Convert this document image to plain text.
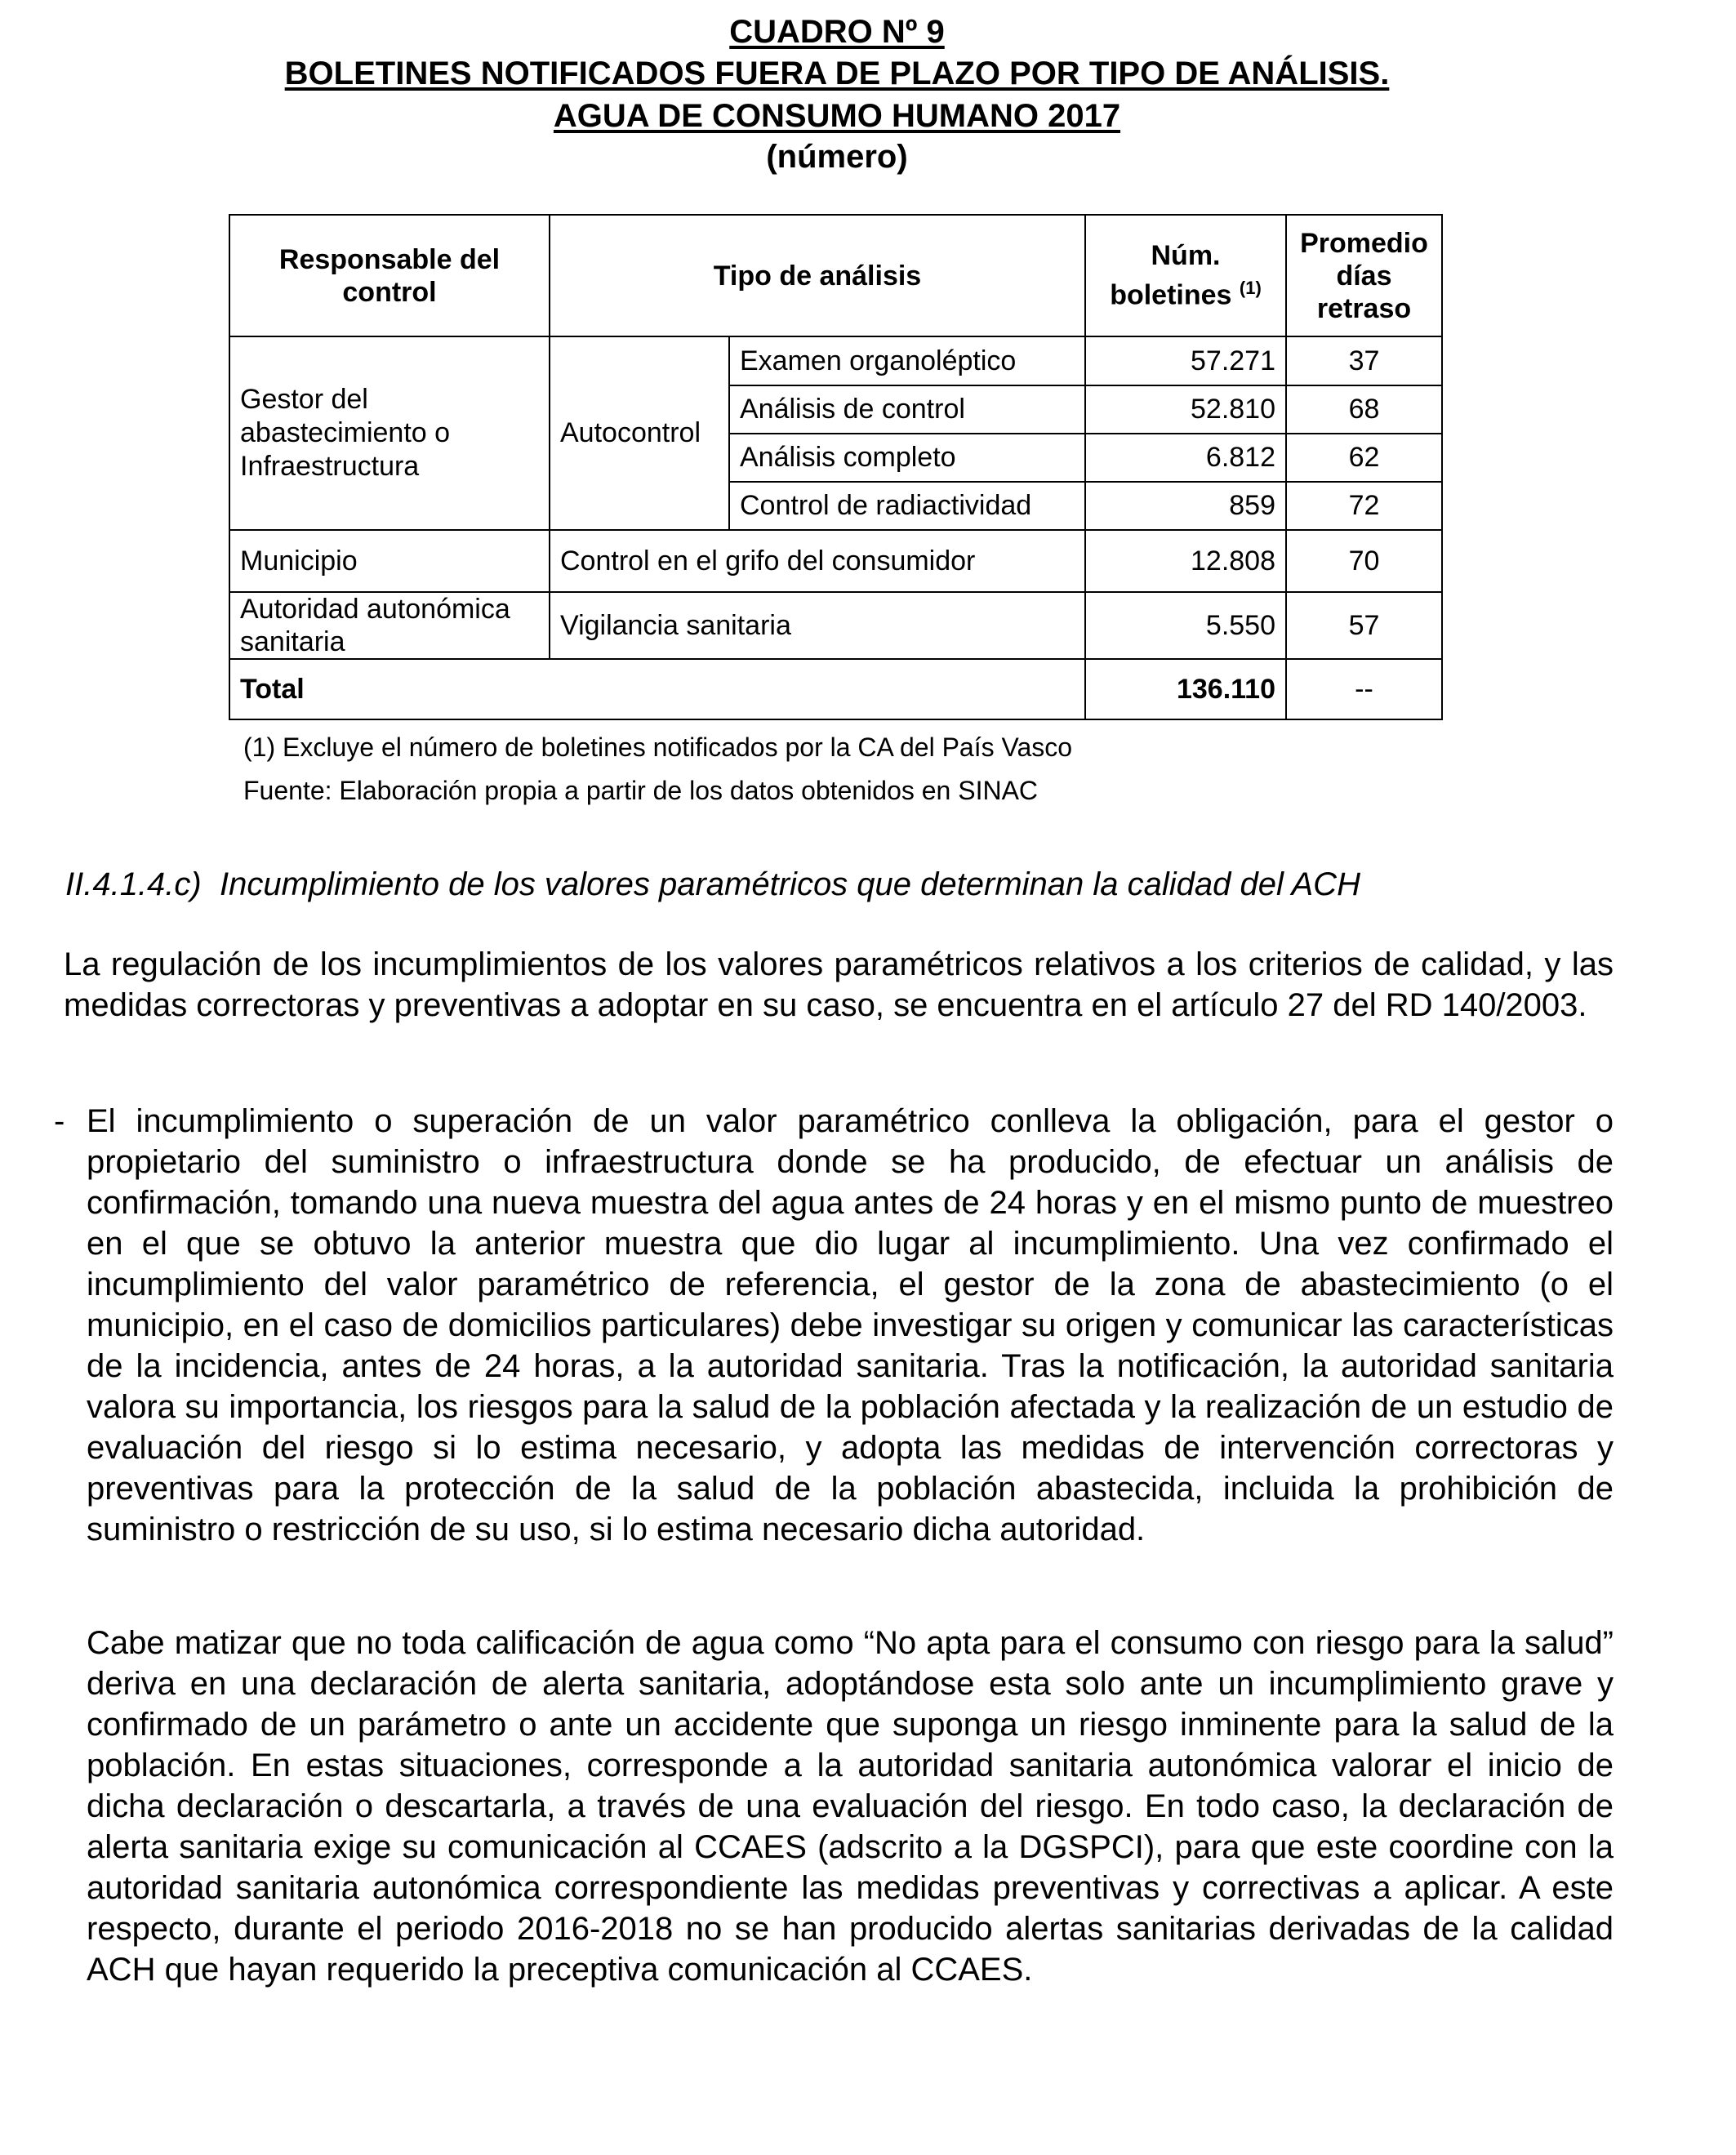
CUADRO Nº 9
BOLETINES NOTIFICADOS FUERA DE PLAZO POR TIPO DE ANÁLISIS.
AGUA DE CONSUMO HUMANO 2017
(número)
Responsable del control	Tipo de análisis		Núm. boletines $^{(1)}$	Promedio días retraso
Gestor del abastecimiento o Infraestructura	Autocontrol	Examen organoléptico	57.271	37
		Análisis de control	52.810	68
		Análisis completo	6.812	62
		Control de radiactividad	859	72
Municipio	Control en el grifo del consumidor		12.808	70
Autoridad autonómica sanitaria	Vigilancia sanitaria		5.550	57
Total			136.110	--
(1) Excluye el número de boletines notificados por la CA del País Vasco
Fuente: Elaboración propia a partir de los datos obtenidos en SINAC
II.4.1.4.c)  Incumplimiento de los valores paramétricos que determinan la calidad del ACH
La regulación de los incumplimientos de los valores paramétricos relativos a los criterios de calidad, y las medidas correctoras y preventivas a adoptar en su caso, se encuentra en el artículo 27 del RD 140/2003.
- El incumplimiento o superación de un valor paramétrico conlleva la obligación, para el gestor o propietario del suministro o infraestructura donde se ha producido, de efectuar un análisis de confirmación, tomando una nueva muestra del agua antes de 24 horas y en el mismo punto de muestreo en el que se obtuvo la anterior muestra que dio lugar al incumplimiento. Una vez confirmado el incumplimiento del valor paramétrico de referencia, el gestor de la zona de abastecimiento (o el municipio, en el caso de domicilios particulares) debe investigar su origen y comunicar las características de la incidencia, antes de 24 horas, a la autoridad sanitaria. Tras la notificación, la autoridad sanitaria valora su importancia, los riesgos para la salud de la población afectada y la realización de un estudio de evaluación del riesgo si lo estima necesario, y adopta las medidas de intervención correctoras y preventivas para la protección de la salud de la población abastecida, incluida la prohibición de suministro o restricción de su uso, si lo estima necesario dicha autoridad.
Cabe matizar que no toda calificación de agua como “No apta para el consumo con riesgo para la salud” deriva en una declaración de alerta sanitaria, adoptándose esta solo ante un incumplimiento grave y confirmado de un parámetro o ante un accidente que suponga un riesgo inminente para la salud de la población. En estas situaciones, corresponde a la autoridad sanitaria autonómica valorar el inicio de dicha declaración o descartarla, a través de una evaluación del riesgo. En todo caso, la declaración de alerta sanitaria exige su comunicación al CCAES (adscrito a la DGSPCI), para que este coordine con la autoridad sanitaria autonómica correspondiente las medidas preventivas y correctivas a aplicar. A este respecto, durante el periodo 2016-2018 no se han producido alertas sanitarias derivadas de la calidad ACH que hayan requerido la preceptiva comunicación al CCAES.
